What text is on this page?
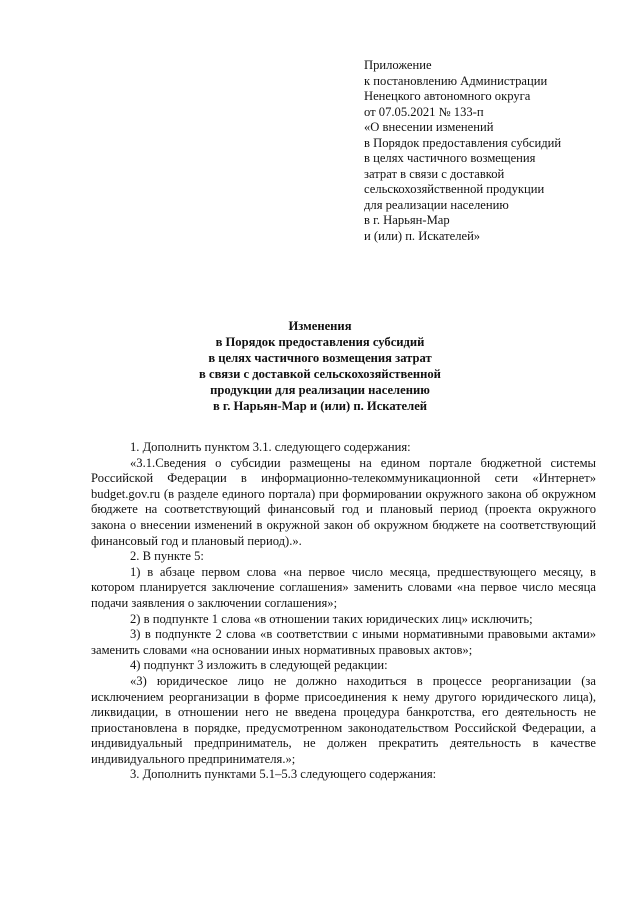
Приложение
к постановлению Администрации
Ненецкого автономного округа
от 07.05.2021 № 133-п
«О внесении изменений
в Порядок предоставления субсидий
в целях частичного возмещения
затрат в связи с доставкой
сельскохозяйственной продукции
для реализации населению
в г. Нарьян-Мар
и (или) п. Искателей»
Изменения
в Порядок предоставления субсидий
в целях частичного возмещения затрат
в связи с доставкой сельскохозяйственной
продукции для реализации населению
в г. Нарьян-Мар и (или) п. Искателей

1. Дополнить пунктом 3.1. следующего содержания:

«3.1.Сведения о субсидии размещены на едином портале бюджетной системы Российской Федерации в информационно-телекоммуникационной сети «Интернет» budget.gov.ru (в разделе единого портала) при формировании окружного закона об окружном бюджете на соответствующий финансовый год и плановый период (проекта окружного закона о внесении изменений в окружной закон об окружном бюджете на соответствующий финансовый год и плановый период).».

2. В пункте 5:

1) в абзаце первом слова «на первое число месяца, предшествующего месяцу, в котором планируется заключение соглашения» заменить словами «на первое число месяца подачи заявления о заключении соглашения»;

2) в подпункте 1 слова «в отношении таких юридических лиц» исключить;

3) в подпункте 2 слова «в соответствии с иными нормативными правовыми актами» заменить словами «на основании иных нормативных правовых актов»;

4) подпункт 3 изложить в следующей редакции:

«3) юридическое лицо не должно находиться в процессе реорганизации (за исключением реорганизации в форме присоединения к нему другого юридического лица), ликвидации, в отношении него не введена процедура банкротства, его деятельность не приостановлена в порядке, предусмотренном законодательством Российской Федерации, а индивидуальный предприниматель, не должен прекратить деятельность в качестве индивидуального предпринимателя.»;

3. Дополнить пунктами 5.1–5.3 следующего содержания:
